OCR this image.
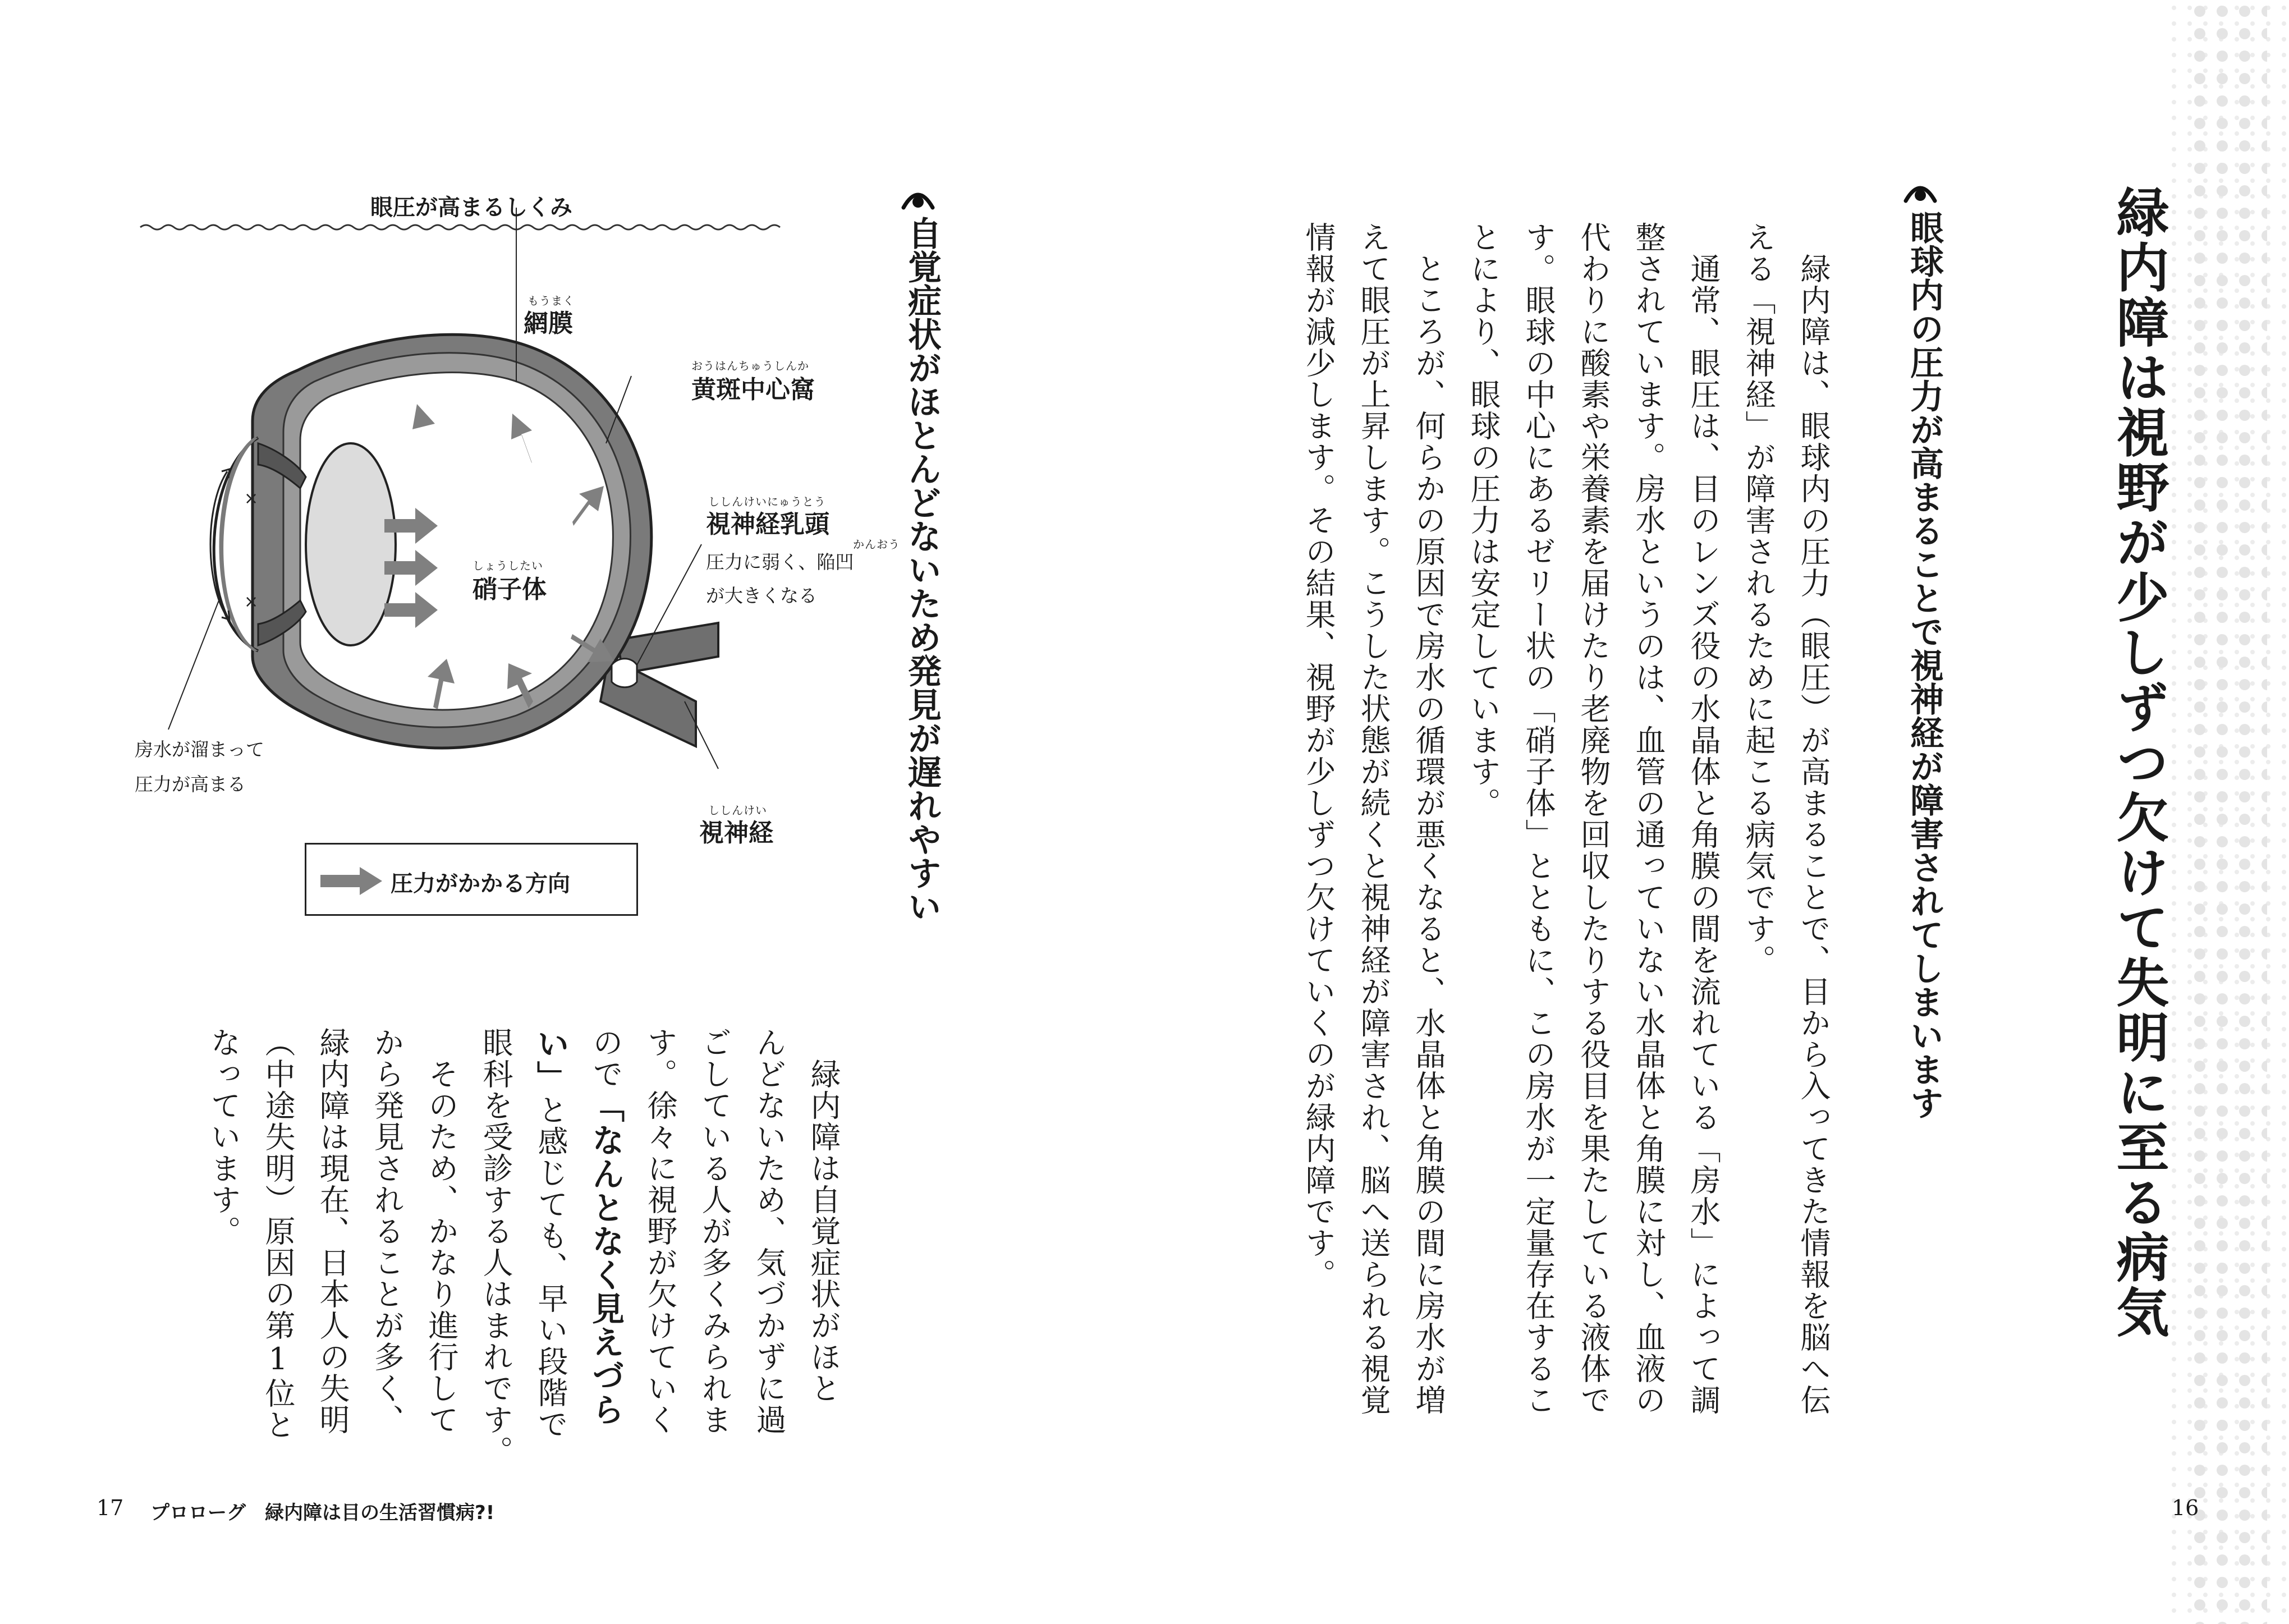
緑内障は視野が少しずつ欠けて失明に至る病気
眼球内の圧力が高まることで視神経が障害されてしまいます
　緑内障は、眼球内の圧力（眼圧）が高まることで、目から入ってきた情報を脳へ伝
える「視神経」が障害されるために起こる病気です。
　通常、眼圧は、目のレンズ役の水晶体と角膜の間を流れている「房水」によって調
整されています。房水というのは、血管の通っていない水晶体と角膜に対し、血液の
代わりに酸素や栄養素を届けたり老廃物を回収したりする役目を果たしている液体で
す。眼球の中心にあるゼリー状の「硝子体」とともに、この房水が一定量存在するこ
とにより、眼球の圧力は安定しています。
　ところが、何らかの原因で房水の循環が悪くなると、水晶体と角膜の間に房水が増
えて眼圧が上昇します。こうした状態が続くと視神経が障害され、脳へ送られる視覚
情報が減少します。その結果、視野が少しずつ欠けていくのが緑内障です。
自覚症状がほとんどないため発見が遅れやすい
　緑内障は自覚症状がほと
んどないため、気づかずに過
ごしている人が多くみられま
す。徐々に視野が欠けていく
ので「なんとなく見えづら
い」と感じても、早い段階で
眼科を受診する人はまれです。
　そのため、かなり進行して
から発見されることが多く、
緑内障は現在、日本人の失明
（中途失明）原因の第1位と
なっています。
眼圧が高まるしくみ
×
×
もうまく
網膜
おうはんちゅうしんか
黄斑中心窩
ししんけいにゅうとう
視神経乳頭
かんおう
圧力に弱く、陥凹
が大きくなる
しょうしたい
硝子体
房水が溜まって
圧力が高まる
ししんけい
視神経
圧力がかかる方向
17 プロローグ　緑内障は目の生活習慣病?!	16
